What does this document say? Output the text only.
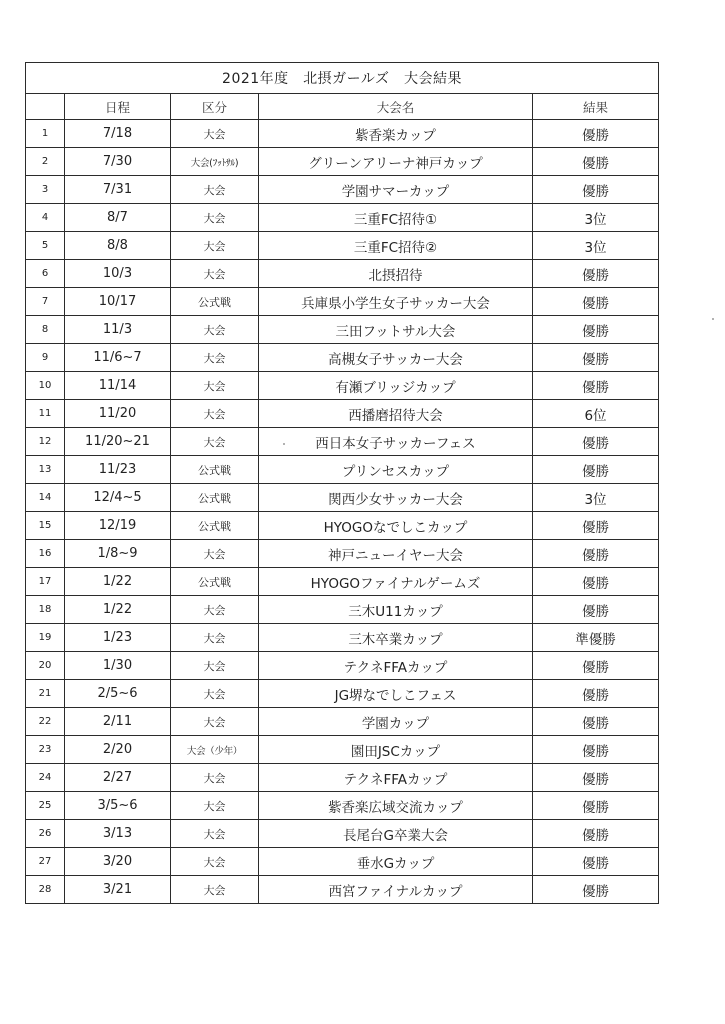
2021年度　北摂ガールズ　大会結果				
	日程	区分	大会名	結果
1	7/18	大会	紫香楽カップ	優勝
2	7/30	大会(ﾌｯﾄｻﾙ)	グリーンアリーナ神戸カップ	優勝
3	7/31	大会	学園サマーカップ	優勝
4	8/7	大会	三重FC招待①	3位
5	8/8	大会	三重FC招待②	3位
6	10/3	大会	北摂招待	優勝
7	10/17	公式戦	兵庫県小学生女子サッカー大会	優勝
8	11/3	大会	三田フットサル大会	優勝
9	11/6~7	大会	高槻女子サッカー大会	優勝
10	11/14	大会	有瀬ブリッジカップ	優勝
11	11/20	大会	西播磨招待大会	6位
12	11/20~21	大会	西日本女子サッカーフェス	優勝
13	11/23	公式戦	プリンセスカップ	優勝
14	12/4~5	公式戦	関西少女サッカー大会	3位
15	12/19	公式戦	HYOGOなでしこカップ	優勝
16	1/8~9	大会	神戸ニューイヤー大会	優勝
17	1/22	公式戦	HYOGOファイナルゲームズ	優勝
18	1/22	大会	三木U11カップ	優勝
19	1/23	大会	三木卒業カップ	準優勝
20	1/30	大会	テクネFFAカップ	優勝
21	2/5~6	大会	JG堺なでしこフェス	優勝
22	2/11	大会	学園カップ	優勝
23	2/20	大会（少年）	園田JSCカップ	優勝
24	2/27	大会	テクネFFAカップ	優勝
25	3/5~6	大会	紫香楽広域交流カップ	優勝
26	3/13	大会	長尾台G卒業大会	優勝
27	3/20	大会	垂水Gカップ	優勝
28	3/21	大会	西宮ファイナルカップ	優勝
